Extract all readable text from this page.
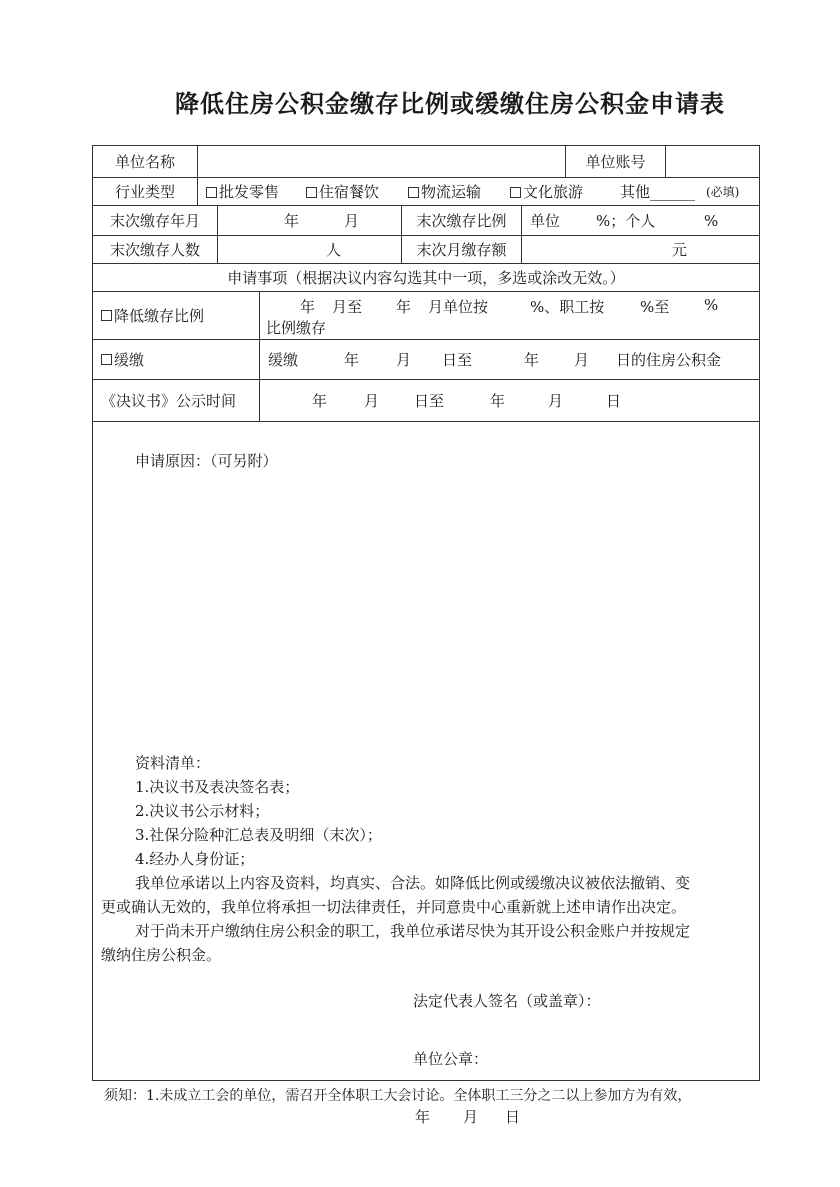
降低住房公积金缴存比例或缓缴住房公积金申请表
单位名称	单位账号
行业类型	批发零售	住宿餐饮	物流运输	文化旅游 其他______ (必填)
末次缴存年月	年	月	末次缴存比例	单位 %；个人	%
末次缴存人数	人	末次月缴存额	元
申请事项（根据决议内容勾选其中一项，多选或涂改无效。）
降低缴存比例	年 月至 年 月单位按	%、职工按 %至 %
比例缴存
缓缴	缓缴	年 月 日至	年 月 日的住房公积金
《决议书》公示时间	年 月 日至	年	月	日
申请原因：（可另附）
资料清单：
1.决议书及表决签名表；
2.决议书公示材料；
3.社保分险种汇总表及明细（末次）；
4.经办人身份证；
我单位承诺以上内容及资料，均真实、合法。如降低比例或缓缴决议被依法撤销、变
更或确认无效的，我单位将承担一切法律责任，并同意贵中心重新就上述申请作出决定。
对于尚未开户缴纳住房公积金的职工，我单位承诺尽快为其开设公积金账户并按规定
缴纳住房公积金。
法定代表人签名（或盖章）：
单位公章：
年 月 日
须知：1.未成立工会的单位，需召开全体职工大会讨论。全体职工三分之二以上参加方为有效，
